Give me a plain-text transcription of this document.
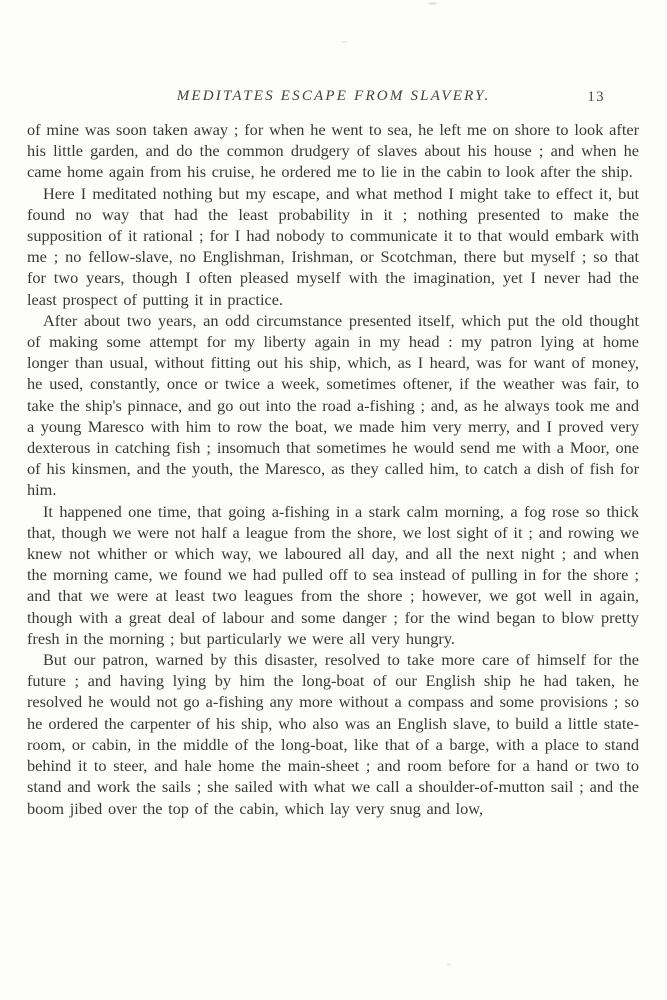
MEDITATES ESCAPE FROM SLAVERY.	13

of mine was soon taken away ; for when he went to sea, he left me on shore to look after his little garden, and do the common drudgery of slaves about his house ; and when he came home again from his cruise, he ordered me to lie in the cabin to look after the ship.

Here I meditated nothing but my escape, and what method I might take to effect it, but found no way that had the least probability in it ; nothing presented to make the supposition of it rational ; for I had nobody to communicate it to that would embark with me ; no fellow-slave, no Englishman, Irishman, or Scotchman, there but myself ; so that for two years, though I often pleased myself with the imagination, yet I never had the least prospect of putting it in practice.

After about two years, an odd circumstance presented itself, which put the old thought of making some attempt for my liberty again in my head : my patron lying at home longer than usual, without fitting out his ship, which, as I heard, was for want of money, he used, constantly, once or twice a week, sometimes oftener, if the weather was fair, to take the ship's pinnace, and go out into the road a-fishing ; and, as he always took me and a young Maresco with him to row the boat, we made him very merry, and I proved very dexterous in catching fish ; insomuch that sometimes he would send me with a Moor, one of his kinsmen, and the youth, the Maresco, as they called him, to catch a dish of fish for him.

It happened one time, that going a-fishing in a stark calm morning, a fog rose so thick that, though we were not half a league from the shore, we lost sight of it ; and rowing we knew not whither or which way, we laboured all day, and all the next night ; and when the morning came, we found we had pulled off to sea instead of pulling in for the shore ; and that we were at least two leagues from the shore ; however, we got well in again, though with a great deal of labour and some danger ; for the wind began to blow pretty fresh in the morning ; but particularly we were all very hungry.

But our patron, warned by this disaster, resolved to take more care of himself for the future ; and having lying by him the long-boat of our English ship he had taken, he resolved he would not go a-fishing any more without a compass and some provisions ; so he ordered the carpenter of his ship, who also was an English slave, to build a little state-room, or cabin, in the middle of the long-boat, like that of a barge, with a place to stand behind it to steer, and hale home the main-sheet ; and room before for a hand or two to stand and work the sails ; she sailed with what we call a shoulder-of-mutton sail ; and the boom jibed over the top of the cabin, which lay very snug and low,
